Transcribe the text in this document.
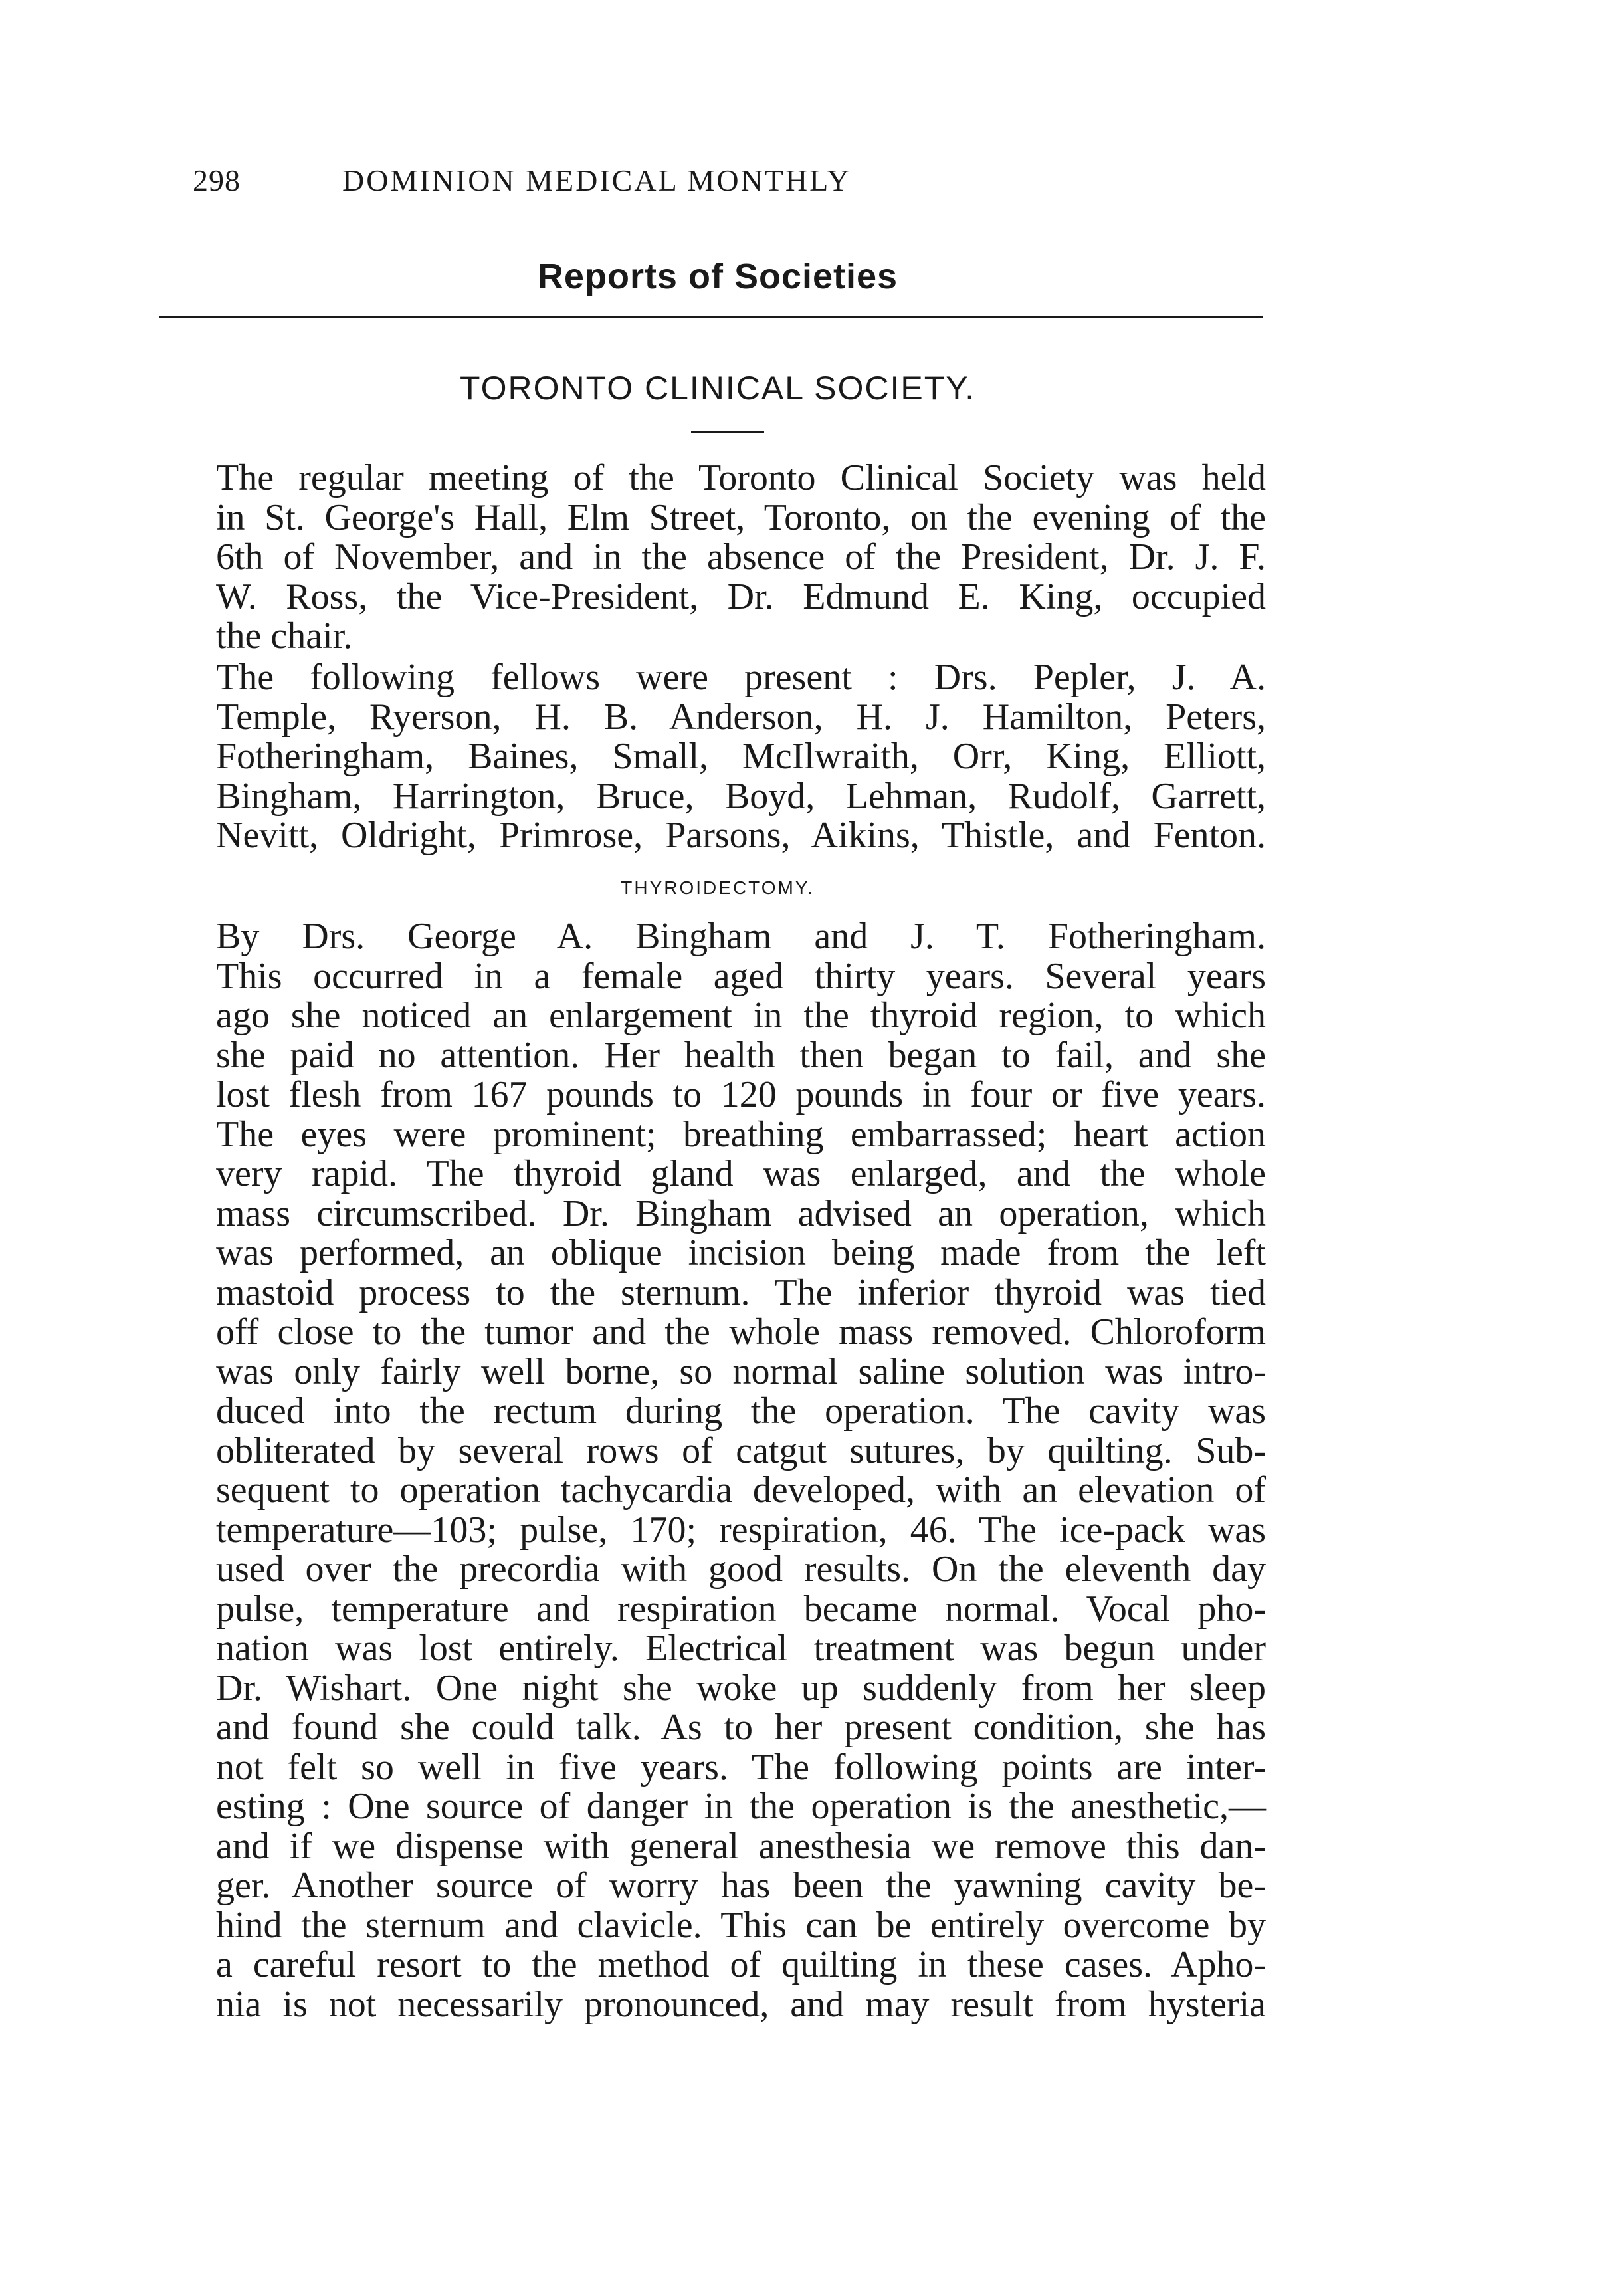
298	DOMINION MEDICAL MONTHLY
Reports of Societies
TORONTO CLINICAL SOCIETY.
The regular meeting of the Toronto Clinical Society was held
in St. George's Hall, Elm Street, Toronto, on the evening of the
6th of November, and in the absence of the President, Dr. J. F.
W. Ross, the Vice-President, Dr. Edmund E. King, occupied
the chair.
The following fellows were present : Drs. Pepler, J. A.
Temple, Ryerson, H. B. Anderson, H. J. Hamilton, Peters,
Fotheringham, Baines, Small, McIlwraith, Orr, King, Elliott,
Bingham, Harrington, Bruce, Boyd, Lehman, Rudolf, Garrett,
Nevitt, Oldright, Primrose, Parsons, Aikins, Thistle, and Fenton.
THYROIDECTOMY.
By Drs. George A. Bingham and J. T. Fotheringham.
This occurred in a female aged thirty years. Several years
ago she noticed an enlargement in the thyroid region, to which
she paid no attention. Her health then began to fail, and she
lost flesh from 167 pounds to 120 pounds in four or five years.
The eyes were prominent; breathing embarrassed; heart action
very rapid. The thyroid gland was enlarged, and the whole
mass circumscribed. Dr. Bingham advised an operation, which
was performed, an oblique incision being made from the left
mastoid process to the sternum. The inferior thyroid was tied
off close to the tumor and the whole mass removed. Chloroform
was only fairly well borne, so normal saline solution was intro-
duced into the rectum during the operation. The cavity was
obliterated by several rows of catgut sutures, by quilting. Sub-
sequent to operation tachycardia developed, with an elevation of
temperature—103; pulse, 170; respiration, 46. The ice-pack was
used over the precordia with good results. On the eleventh day
pulse, temperature and respiration became normal. Vocal pho-
nation was lost entirely. Electrical treatment was begun under
Dr. Wishart. One night she woke up suddenly from her sleep
and found she could talk. As to her present condition, she has
not felt so well in five years. The following points are inter-
esting : One source of danger in the operation is the anesthetic,—
and if we dispense with general anesthesia we remove this dan-
ger. Another source of worry has been the yawning cavity be-
hind the sternum and clavicle. This can be entirely overcome by
a careful resort to the method of quilting in these cases. Apho-
nia is not necessarily pronounced, and may result from hysteria
